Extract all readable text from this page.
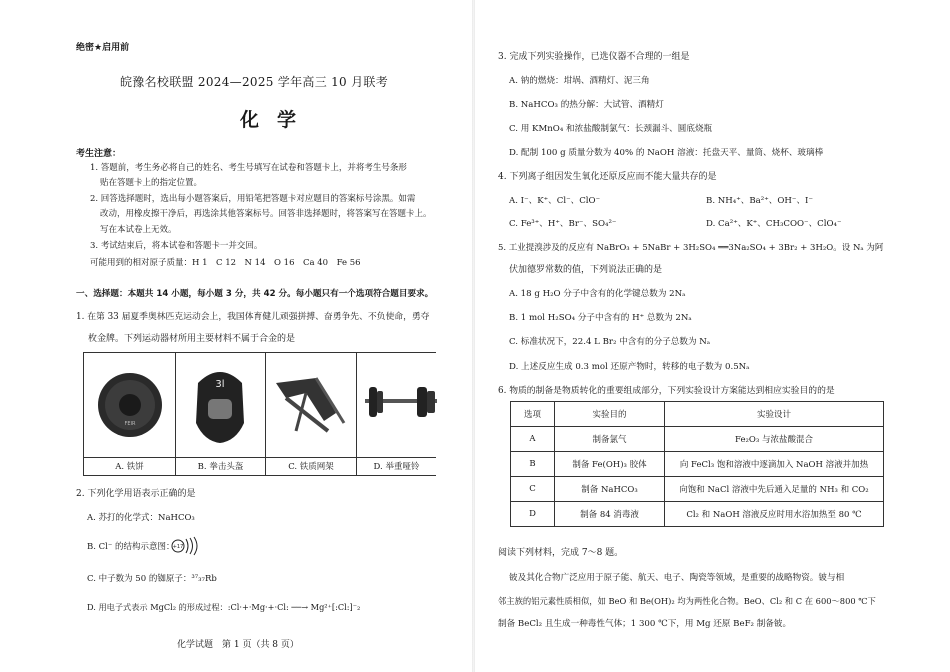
绝密★启用前
皖豫名校联盟 2024—2025 学年高三 10 月联考
化学
考生注意：
1. 答题前，考生务必将自己的姓名、考生号填写在试卷和答题卡上，并将考生号条形
贴在答题卡上的指定位置。
2. 回答选择题时，选出每小题答案后，用铅笔把答题卡对应题目的答案标号涂黑。如需
改动，用橡皮擦干净后，再选涂其他答案标号。回答非选择题时，将答案写在答题卡上。
写在本试卷上无效。
3. 考试结束后，将本试卷和答题卡一并交回。
可能用到的相对原子质量：H 1　C 12　N 14　O 16　Ca 40　Fe 56
一、选择题：本题共 14 小题，每小题 3 分，共 42 分。每小题只有一个选项符合题目要求。
1. 在第 33 届夏季奥林匹克运动会上，我国体育健儿顽强拼搏、奋勇争先、不负使命，勇夺
枚金牌。下列运动器材所用主要材料不属于合金的是
FEIR
A. 铁饼
3l
B. 拳击头盔	C. 铁质网架	D. 举重哑铃
2. 下列化学用语表示正确的是
A. 苏打的化学式：NaHCO₃
B. Cl⁻ 的结构示意图：
+17
C. 中子数为 50 的铷原子：³⁷₃₇Rb
D. 用电子式表示 MgCl₂ 的形成过程：:Cl·+·Mg·+·Cl: ──→ Mg²⁺[:Cl:]⁻₂
化学试题　第 1 页（共 8 页）
3. 完成下列实验操作，已选仪器不合理的一组是
A. 钠的燃烧：坩埚、酒精灯、泥三角
B. NaHCO₃ 的热分解：大试管、酒精灯
C. 用 KMnO₄ 和浓盐酸制氯气：长颈漏斗、圆底烧瓶
D. 配制 100 g 质量分数为 40% 的 NaOH 溶液：托盘天平、量筒、烧杯、玻璃棒
4. 下列离子组因发生氧化还原反应而不能大量共存的是
A. I⁻、K⁺、Cl⁻、ClO⁻	B. NH₄⁺、Ba²⁺、OH⁻、I⁻
C. Fe³⁺、H⁺、Br⁻、SO₄²⁻	D. Ca²⁺、K⁺、CH₃COO⁻、ClO₄⁻
5. 工业提溴涉及的反应有 NaBrO₃ + 5NaBr + 3H₂SO₄ ══3Na₂SO₄ + 3Br₂ + 3H₂O。设 Nₐ 为阿
伏加德罗常数的值，下列说法正确的是
A. 18 g H₂O 分子中含有的化学键总数为 2Nₐ
B. 1 mol H₂SO₄ 分子中含有的 H⁺ 总数为 2Nₐ
C. 标准状况下，22.4 L Br₂ 中含有的分子总数为 Nₐ
D. 上述反应生成 0.3 mol 还原产物时，转移的电子数为 0.5Nₐ
6. 物质的制备是物质转化的重要组成部分，下列实验设计方案能达到相应实验目的的是
选项	实验目的	实验设计
A	制备氯气	Fe₂O₃ 与浓盐酸混合
B	制备 Fe(OH)₃ 胶体	向 FeCl₃ 饱和溶液中逐滴加入 NaOH 溶液并加热
C	制备 NaHCO₃	向饱和 NaCl 溶液中先后通入足量的 NH₃ 和 CO₂
D	制备 84 消毒液	Cl₂ 和 NaOH 溶液反应时用水浴加热至 80 ℃
阅读下列材料，完成 7～8 题。
铍及其化合物广泛应用于原子能、航天、电子、陶瓷等领域，是重要的战略物资。铍与相
邻主族的铝元素性质相似，如 BeO 和 Be(OH)₂ 均为两性化合物。BeO、Cl₂ 和 C 在 600～800 ℃下
制备 BeCl₂ 且生成一种毒性气体；1 300 ℃下，用 Mg 还原 BeF₂ 制备铍。
